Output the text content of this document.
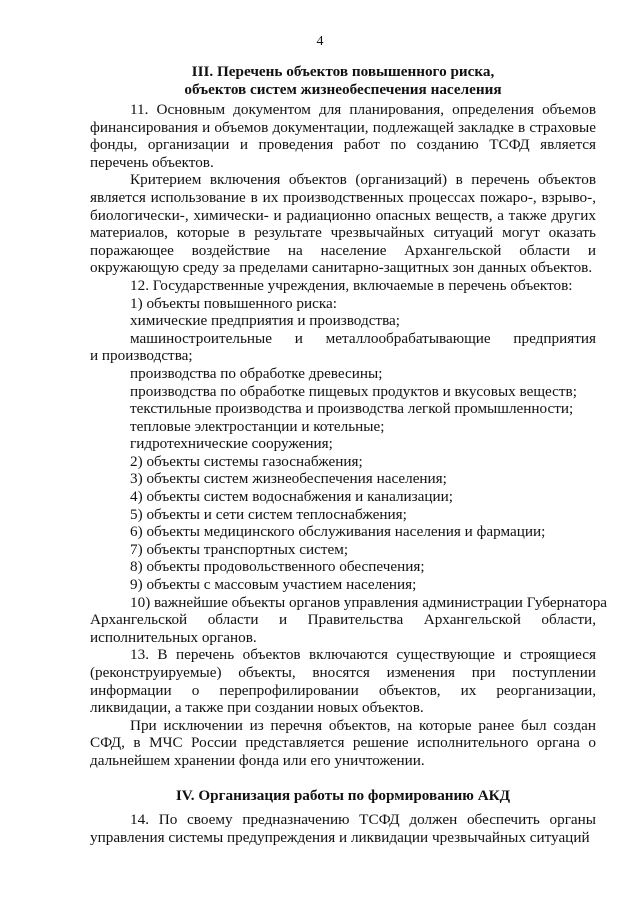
4
III. Перечень объектов повышенного риска,
объектов систем жизнеобеспечения населения

11. Основным документом для планирования, определения объемов финансирования и объемов документации, подлежащей закладке в страховые фонды, организации и проведения работ по созданию ТСФД является перечень объектов.

Критерием включения объектов (организаций) в перечень объектов является использование в их производственных процессах пожаро-, взрыво-, биологически-, химически- и радиационно опасных веществ, а также других материалов, которые в результате чрезвычайных ситуаций могут оказать поражающее воздействие на население Архангельской области и окружающую среду за пределами санитарно-защитных зон данных объектов.

12. Государственные учреждения, включаемые в перечень объектов:

1) объекты повышенного риска:

химические предприятия и производства;

машиностроительные и металлообрабатывающие предприятия

и производства;

производства по обработке древесины;

производства по обработке пищевых продуктов и вкусовых веществ;

текстильные производства и производства легкой промышленности;

тепловые электростанции и котельные;

гидротехнические сооружения;

2) объекты системы газоснабжения;

3) объекты систем жизнеобеспечения населения;

4) объекты систем водоснабжения и канализации;

5) объекты и сети систем теплоснабжения;

6) объекты медицинского обслуживания населения и фармации;

7) объекты транспортных систем;

8) объекты продовольственного обеспечения;

9) объекты с массовым участием населения;

10) важнейшие объекты органов управления администрации Губернатора

Архангельской области и Правительства Архангельской области,

исполнительных органов.

13. В перечень объектов включаются существующие и строящиеся (реконструируемые) объекты, вносятся изменения при поступлении информации о перепрофилировании объектов, их реорганизации, ликвидации, а также при создании новых объектов.

При исключении из перечня объектов, на которые ранее был создан СФД, в МЧС России представляется решение исполнительного органа о дальнейшем хранении фонда или его уничтожении.

IV. Организация работы по формированию АКД

14. По своему предназначению ТСФД должен обеспечить органы управления системы предупреждения и ликвидации чрезвычайных ситуаций
